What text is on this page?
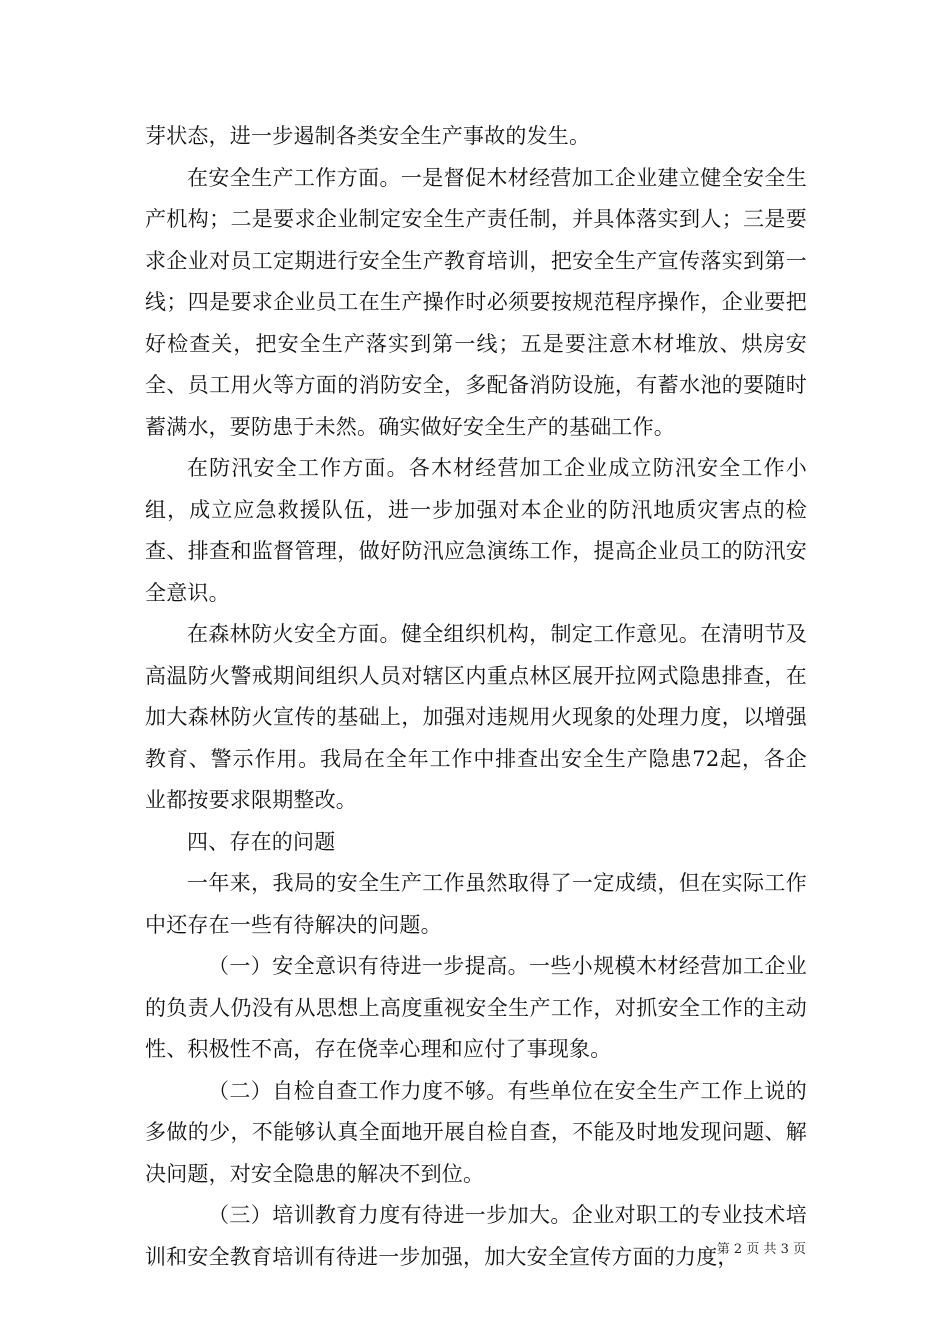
芽状态，进一步遏制各类安全生产事故的发生。

在安全生产工作方面。一是督促木材经营加工企业建立健全安全生产机构；二是要求企业制定安全生产责任制，并具体落实到人；三是要求企业对员工定期进行安全生产教育培训，把安全生产宣传落实到第一线；四是要求企业员工在生产操作时必须要按规范程序操作，企业要把好检查关，把安全生产落实到第一线；五是要注意木材堆放、烘房安全、员工用火等方面的消防安全，多配备消防设施，有蓄水池的要随时蓄满水，要防患于未然。确实做好安全生产的基础工作。

在防汛安全工作方面。各木材经营加工企业成立防汛安全工作小组，成立应急救援队伍，进一步加强对本企业的防汛地质灾害点的检查、排查和监督管理，做好防汛应急演练工作，提高企业员工的防汛安全意识。

在森林防火安全方面。健全组织机构，制定工作意见。在清明节及高温防火警戒期间组织人员对辖区内重点林区展开拉网式隐患排查，在加大森林防火宣传的基础上，加强对违规用火现象的处理力度，以增强教育、警示作用。我局在全年工作中排查出安全生产隐患72起，各企业都按要求限期整改。

四、存在的问题

一年来，我局的安全生产工作虽然取得了一定成绩，但在实际工作中还存在一些有待解决的问题。

（一）安全意识有待进一步提高。一些小规模木材经营加工企业的负责人仍没有从思想上高度重视安全生产工作，对抓安全工作的主动性、积极性不高，存在侥幸心理和应付了事现象。

（二）自检自查工作力度不够。有些单位在安全生产工作上说的多做的少，不能够认真全面地开展自检自查，不能及时地发现问题、解决问题，对安全隐患的解决不到位。

（三）培训教育力度有待进一步加大。企业对职工的专业技术培训和安全教育培训有待进一步加强，加大安全宣传方面的力度，

第 2 页 共 3 页
